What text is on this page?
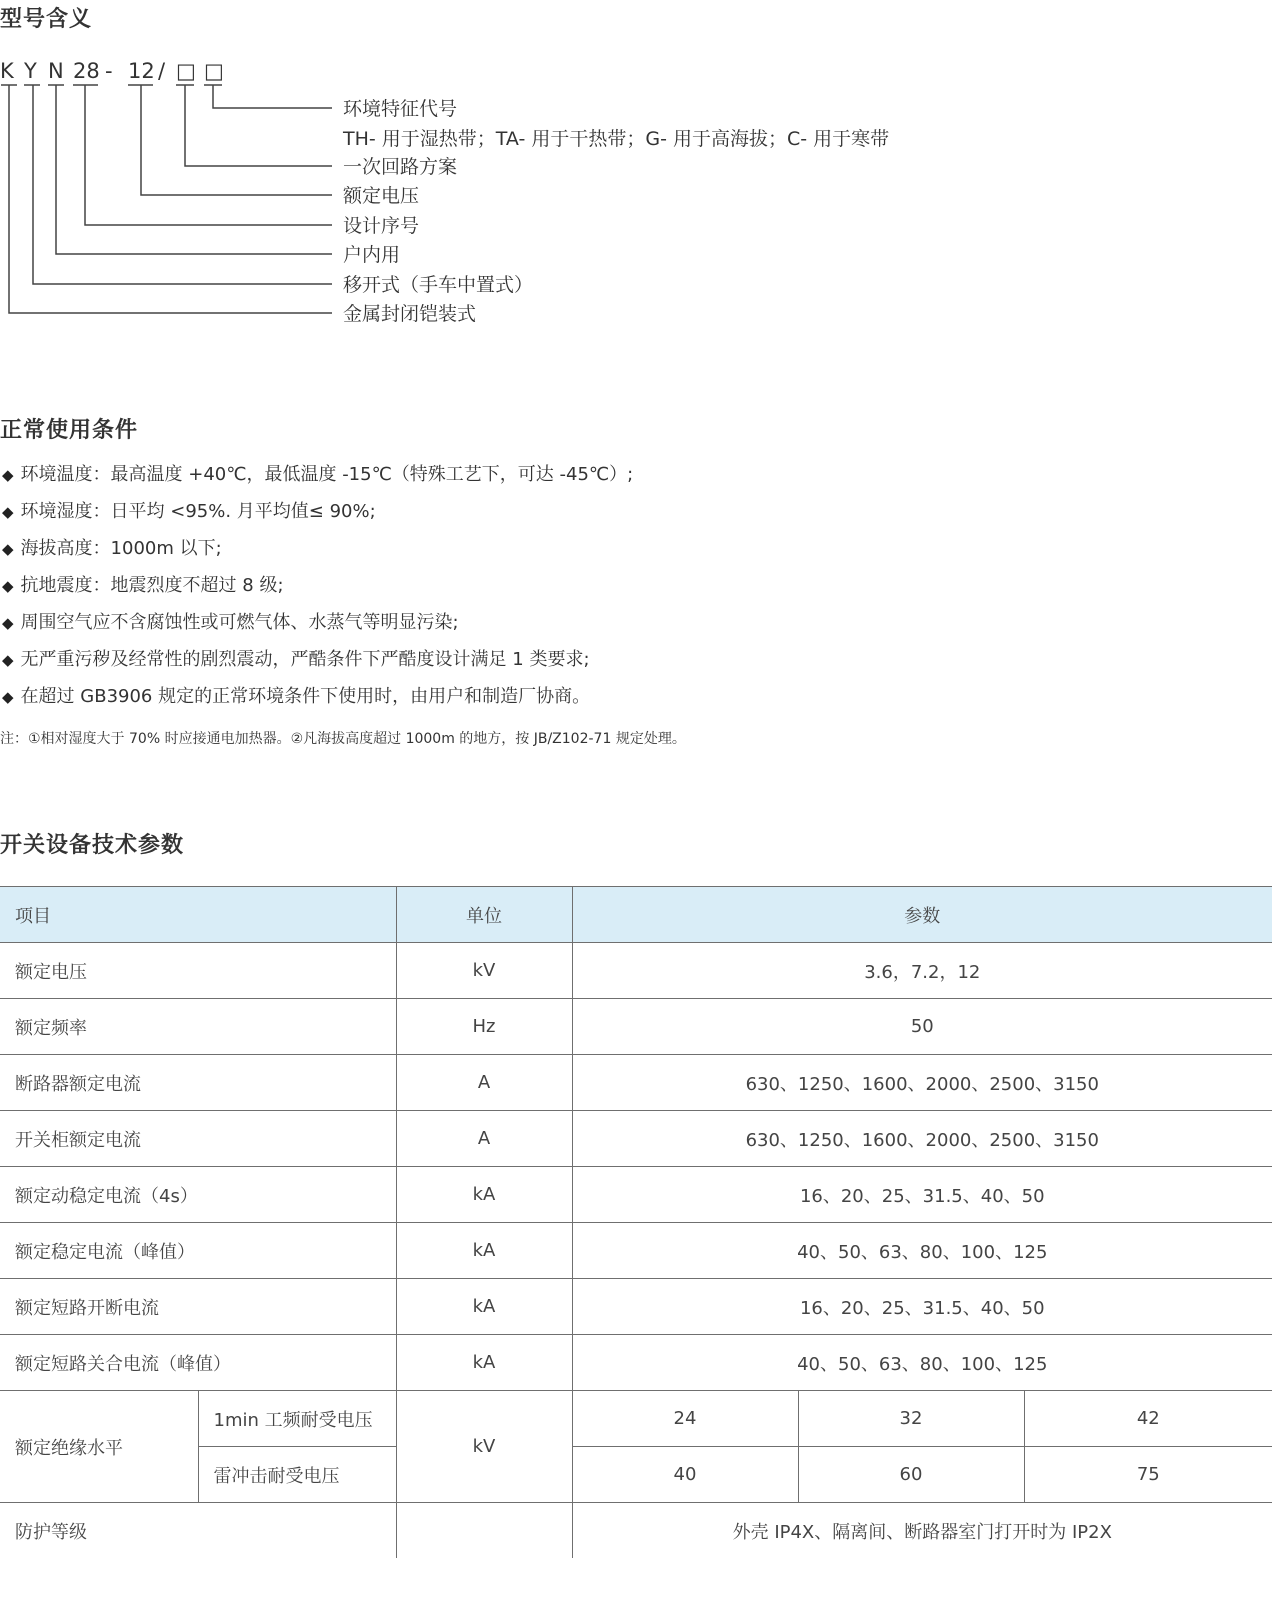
型号含义
K Y N 28 - 12 / □ □
环境特征代号
TH- 用于湿热带；TA- 用于干热带；G- 用于高海拔；C- 用于寒带
一次回路方案
额定电压
设计序号
户内用
移开式（手车中置式）
金属封闭铠装式
正常使用条件
◆ 环境温度：最高温度 +40℃，最低温度 -15℃（特殊工艺下，可达 -45℃）;
◆ 环境湿度：日平均 <95%. 月平均值≤ 90%;
◆ 海拔高度：1000m 以下;
◆ 抗地震度：地震烈度不超过 8 级;
◆ 周围空气应不含腐蚀性或可燃气体、水蒸气等明显污染;
◆ 无严重污秽及经常性的剧烈震动，严酷条件下严酷度设计满足 1 类要求;
◆ 在超过 GB3906 规定的正常环境条件下使用时，由用户和制造厂协商。

注：①相对湿度大于 70% 时应接通电加热器。②凡海拔高度超过 1000m 的地方，按 JB/Z102-71 规定处理。

开关设备技术参数
项目		单位	参数		
额定电压		kV	3.6，7.2，12		
额定频率		Hz	50		
断路器额定电流		A	630、1250、1600、2000、2500、3150		
开关柜额定电流		A	630、1250、1600、2000、2500、3150		
额定动稳定电流（4s）		kA	16、20、25、31.5、40、50		
额定稳定电流（峰值）		kA	40、50、63、80、100、125		
额定短路开断电流		kA	16、20、25、31.5、40、50		
额定短路关合电流（峰值）		kA	40、50、63、80、100、125		
额定绝缘水平	1min 工频耐受电压	kV	24	32	42
	雷冲击耐受电压		40	60	75
防护等级			外壳 IP4X、隔离间、断路器室门打开时为 IP2X		
